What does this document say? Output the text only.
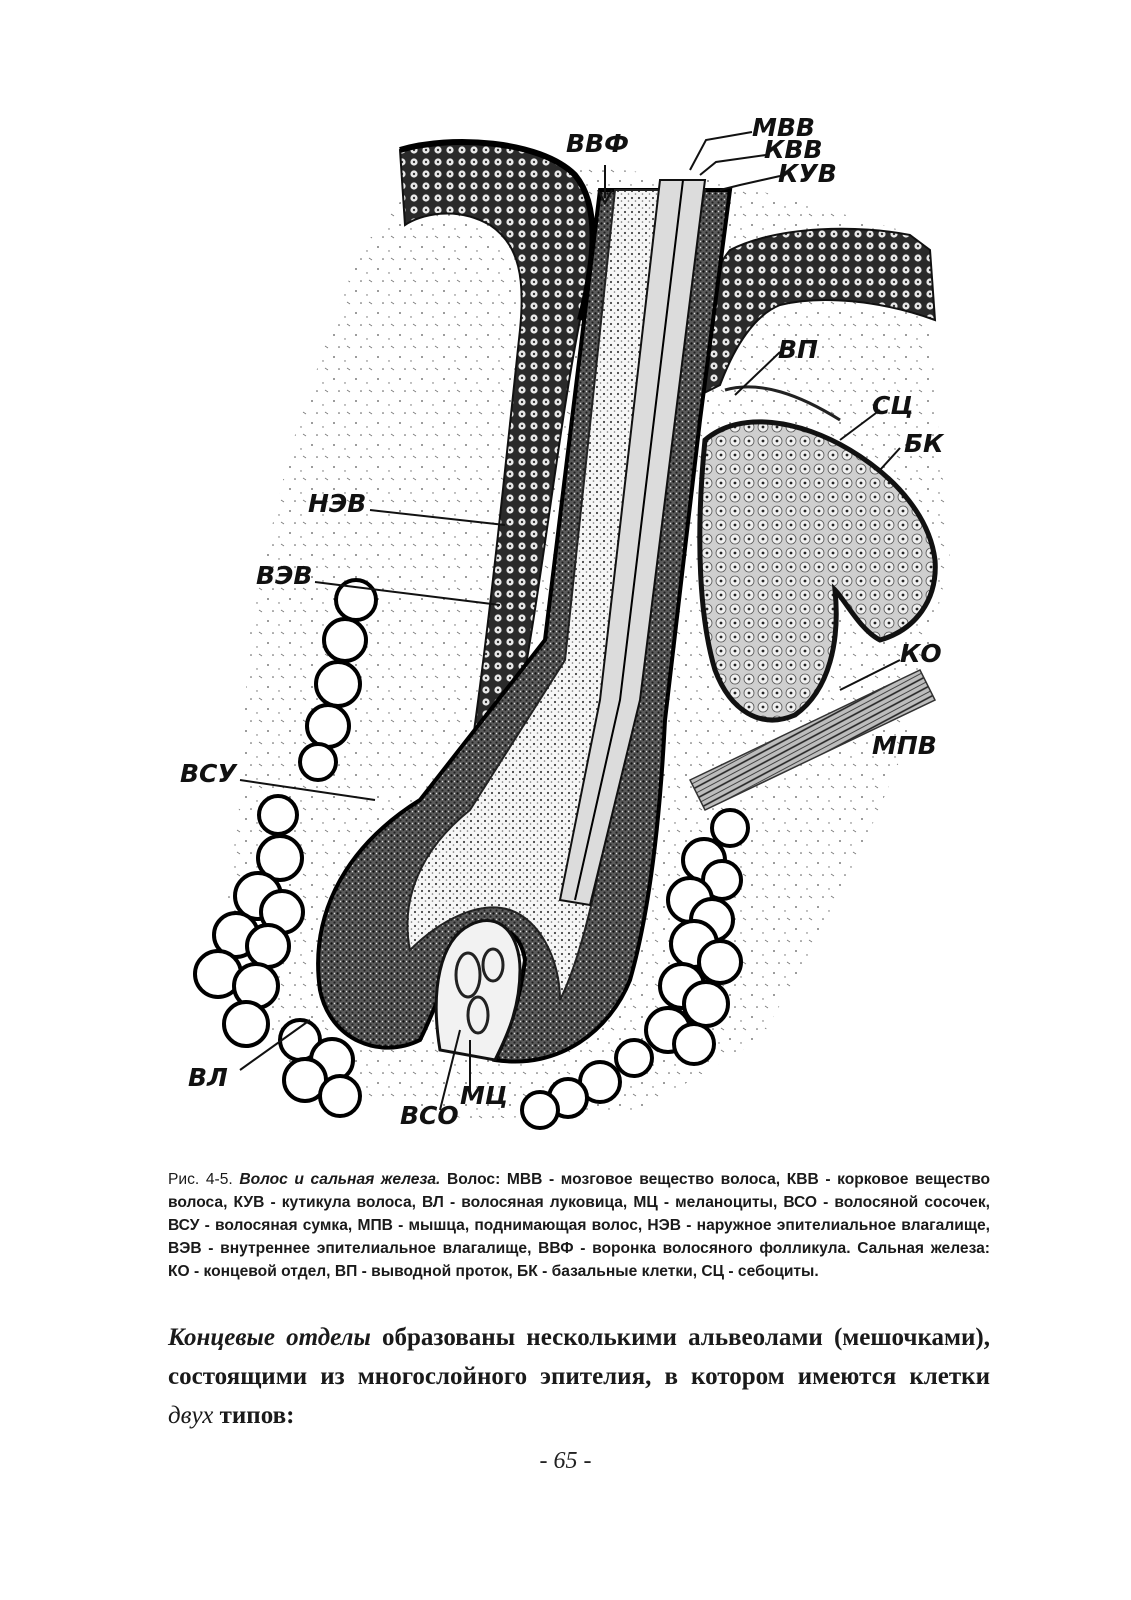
ВВФ
МВВ
КВВ
КУВ
ВП
СЦ
БК
НЭВ
ВЭВ
КО
МПВ
ВСУ
ВЛ
МЦ
ВСО
Рис. 4-5. Волос и сальная железа. Волос: МВВ - мозговое вещество волоса, КВВ - корковое вещество волоса, КУВ - кутикула волоса, ВЛ - волосяная луковица, МЦ - меланоциты, ВСО - волосяной сосочек, ВСУ - волосяная сумка, МПВ - мышца, поднимающая волос, НЭВ - наружное эпителиальное влагалище, ВЭВ - внутреннее эпителиальное влагалище, ВВФ - воронка волосяного фолликула. Сальная железа: КО - концевой отдел, ВП - выводной проток, БК - базальные клетки, СЦ - себоциты.
Концевые отделы образованы несколькими альвеолами (мешочками), состоящими из многослойного эпителия, в котором имеются клетки двух типов:
- 65 -
